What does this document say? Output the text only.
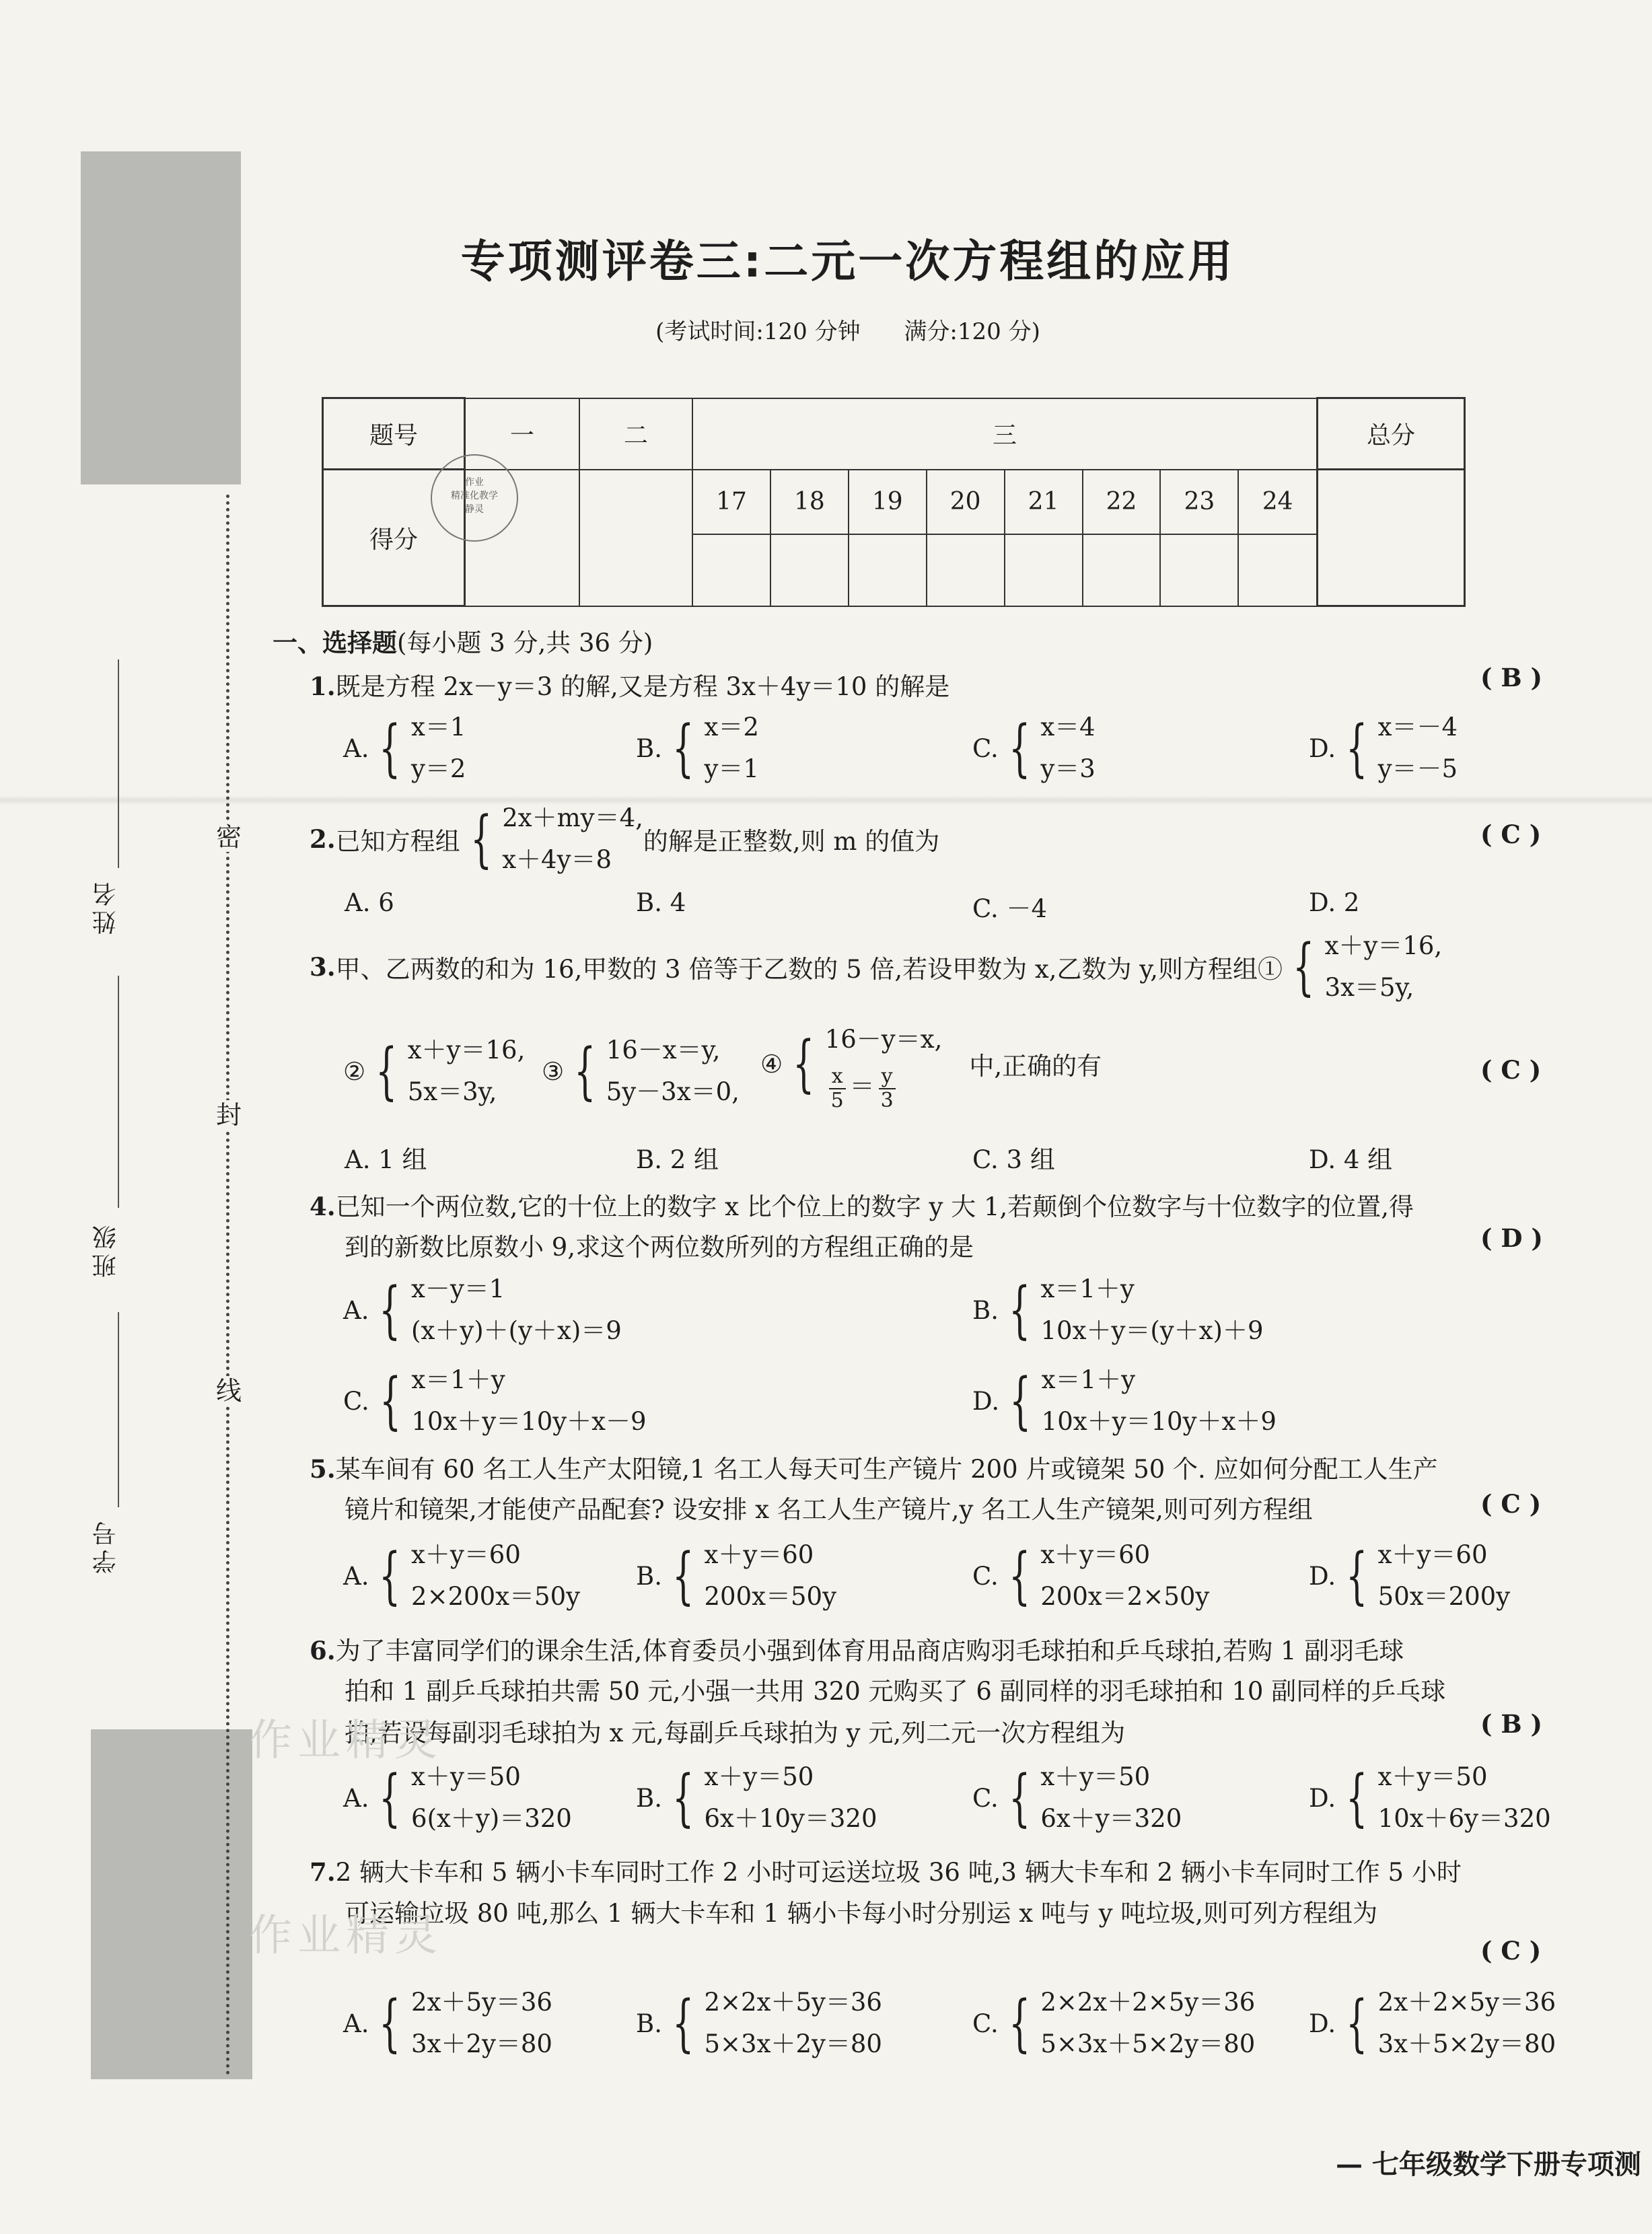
密
封
线
姓名
班级
学号
专项测评卷三:二元一次方程组的应用
(考试时间:120 分钟      满分:120 分)
题号	一	二	三								总分
得分			17	18	19	20	21	22	23	24	

作业
精准化教学
静灵
一、选择题(每小题 3 分,共 36 分)
1.既是方程 2x－y＝3 的解,又是方程 3x＋4y＝10 的解是	( B )
A. { x＝1
y＝2
B. { x＝2
y＝1
C. { x＝4
y＝3
D. { x＝－4
y＝－5
2. 已知方程组 { 2x＋my＝4,
x＋4y＝8
的解是正整数,则 m 的值为	( C )
A. 6	B. 4	C. －4	D. 2
3. 甲、乙两数的和为 16,甲数的 3 倍等于乙数的 5 倍,若设甲数为 x,乙数为 y,则方程组① { x＋y＝16,
3x＝5y,
② { x＋y＝16,
5x＝3y,
③ { 16－x＝y,
5y－3x＝0,
④ { 16－y＝x,
$\frac{x}{5} = \frac{y}{3}$	中,正确的有	( C )
A. 1 组	B. 2 组	C. 3 组	D. 4 组
4.已知一个两位数,它的十位上的数字 x 比个位上的数字 y 大 1,若颠倒个位数字与十位数字的位置,得
到的新数比原数小 9,求这个两位数所列的方程组正确的是	( D )
A. { x－y＝1
(x＋y)＋(y＋x)＝9
B. { x＝1＋y
10x＋y＝(y＋x)＋9
C. { x＝1＋y
10x＋y＝10y＋x－9
D. { x＝1＋y
10x＋y＝10y＋x＋9
5.某车间有 60 名工人生产太阳镜,1 名工人每天可生产镜片 200 片或镜架 50 个. 应如何分配工人生产
镜片和镜架,才能使产品配套? 设安排 x 名工人生产镜片,y 名工人生产镜架,则可列方程组	( C )
A. { x＋y＝60
2×200x＝50y
B. { x＋y＝60
200x＝50y
C. { x＋y＝60
200x＝2×50y
D. { x＋y＝60
50x＝200y
6.为了丰富同学们的课余生活,体育委员小强到体育用品商店购羽毛球拍和乒乓球拍,若购 1 副羽毛球
拍和 1 副乒乓球拍共需 50 元,小强一共用 320 元购买了 6 副同样的羽毛球拍和 10 副同样的乒乓球
拍,若设每副羽毛球拍为 x 元,每副乒乓球拍为 y 元,列二元一次方程组为	( B )
A. { x＋y＝50
6(x＋y)＝320
B. { x＋y＝50
6x＋10y＝320
C. { x＋y＝50
6x＋y＝320
D. { x＋y＝50
10x＋6y＝320
7.2 辆大卡车和 5 辆小卡车同时工作 2 小时可运送垃圾 36 吨,3 辆大卡车和 2 辆小卡车同时工作 5 小时
可运输垃圾 80 吨,那么 1 辆大卡车和 1 辆小卡每小时分别运 x 吨与 y 吨垃圾,则可列方程组为
( C )
A. { 2x＋5y＝36
3x＋2y＝80
B. { 2×2x＋5y＝36
5×3x＋2y＝80
C. { 2×2x＋2×5y＝36
5×3x＋5×2y＝80
D. { 2x＋2×5y＝36
3x＋5×2y＝80
作业精灵
作业精灵
— 七年级数学下册专项测
